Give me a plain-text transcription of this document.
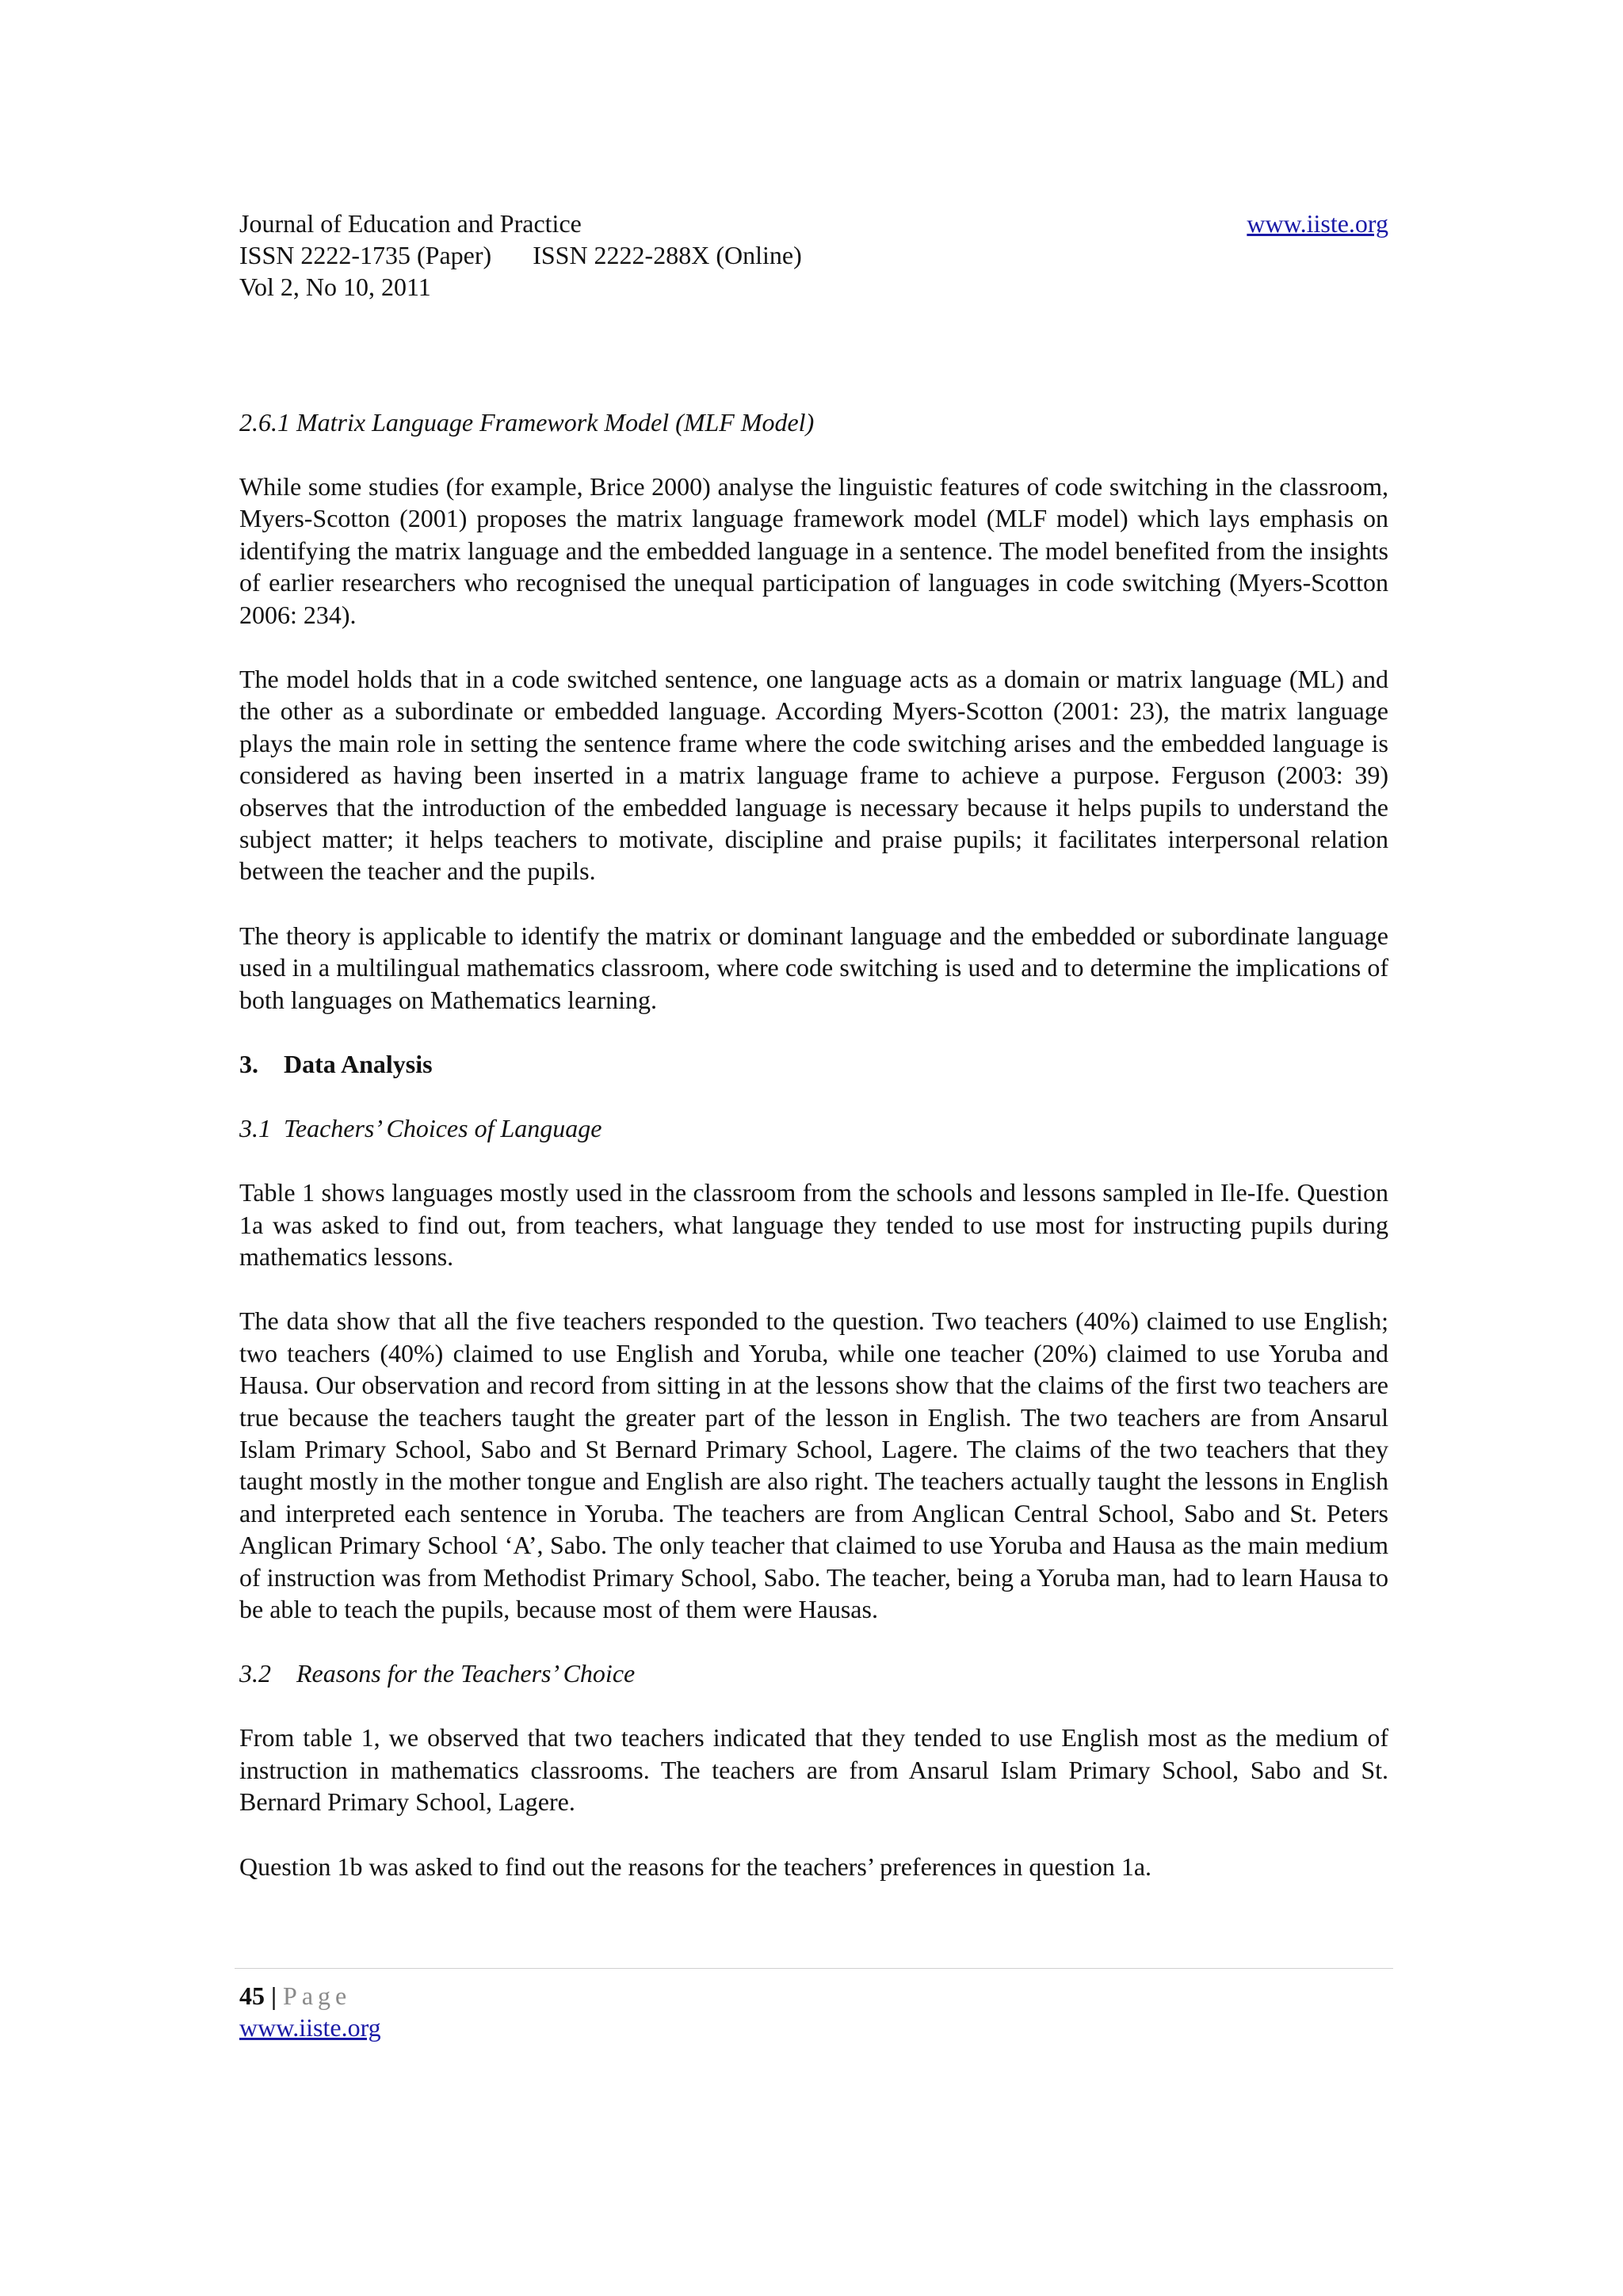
Journal of Education and Practice	www.iiste.org
ISSN 2222-1735 (Paper) ISSN 2222-288X (Online)
Vol 2, No 10, 2011

2.6.1 Matrix Language Framework Model (MLF Model)

While some studies (for example, Brice 2000) analyse the linguistic features of code switching in the classroom, Myers-Scotton (2001) proposes the matrix language framework model (MLF model) which lays emphasis on identifying the matrix language and the embedded language in a sentence. The model benefited from the insights of earlier researchers who recognised the unequal participation of languages in code switching (Myers-Scotton 2006: 234).

The model holds that in a code switched sentence, one language acts as a domain or matrix language (ML) and the other as a subordinate or embedded language. According Myers-Scotton (2001: 23), the matrix language plays the main role in setting the sentence frame where the code switching arises and the embedded language is considered as having been inserted in a matrix language frame to achieve a purpose. Ferguson (2003: 39) observes that the introduction of the embedded language is necessary because it helps pupils to understand the subject matter; it helps teachers to motivate, discipline and praise pupils; it facilitates interpersonal relation between the teacher and the pupils.

The theory is applicable to identify the matrix or dominant language and the embedded or subordinate language used in a multilingual mathematics classroom, where code switching is used and to determine the implications of both languages on Mathematics learning.

3.    Data Analysis

3.1  Teachers’ Choices of Language

Table 1 shows languages mostly used in the classroom from the schools and lessons sampled in Ile-Ife. Question 1a was asked to find out, from teachers, what language they tended to use most for instructing pupils during mathematics lessons.

The data show that all the five teachers responded to the question. Two teachers (40%) claimed to use English; two teachers (40%) claimed to use English and Yoruba, while one teacher (20%) claimed to use Yoruba and Hausa. Our observation and record from sitting in at the lessons show that the claims of the first two teachers are true because the teachers taught the greater part of the lesson in English. The two teachers are from Ansarul Islam Primary School, Sabo and St Bernard Primary School, Lagere. The claims of the two teachers that they taught mostly in the mother tongue and English are also right. The teachers actually taught the lessons in English and interpreted each sentence in Yoruba. The teachers are from Anglican Central School, Sabo and St. Peters Anglican Primary School ‘A’, Sabo. The only teacher that claimed to use Yoruba and Hausa as the main medium of instruction was from Methodist Primary School, Sabo. The teacher, being a Yoruba man, had to learn Hausa to be able to teach the pupils, because most of them were Hausas.

3.2    Reasons for the Teachers’ Choice

From table 1, we observed that two teachers indicated that they tended to use English most as the medium of instruction in mathematics classrooms. The teachers are from Ansarul Islam Primary School, Sabo and St. Bernard Primary School, Lagere.

Question 1b was asked to find out the reasons for the teachers’ preferences in question 1a.

45 | Page
www.iiste.org
